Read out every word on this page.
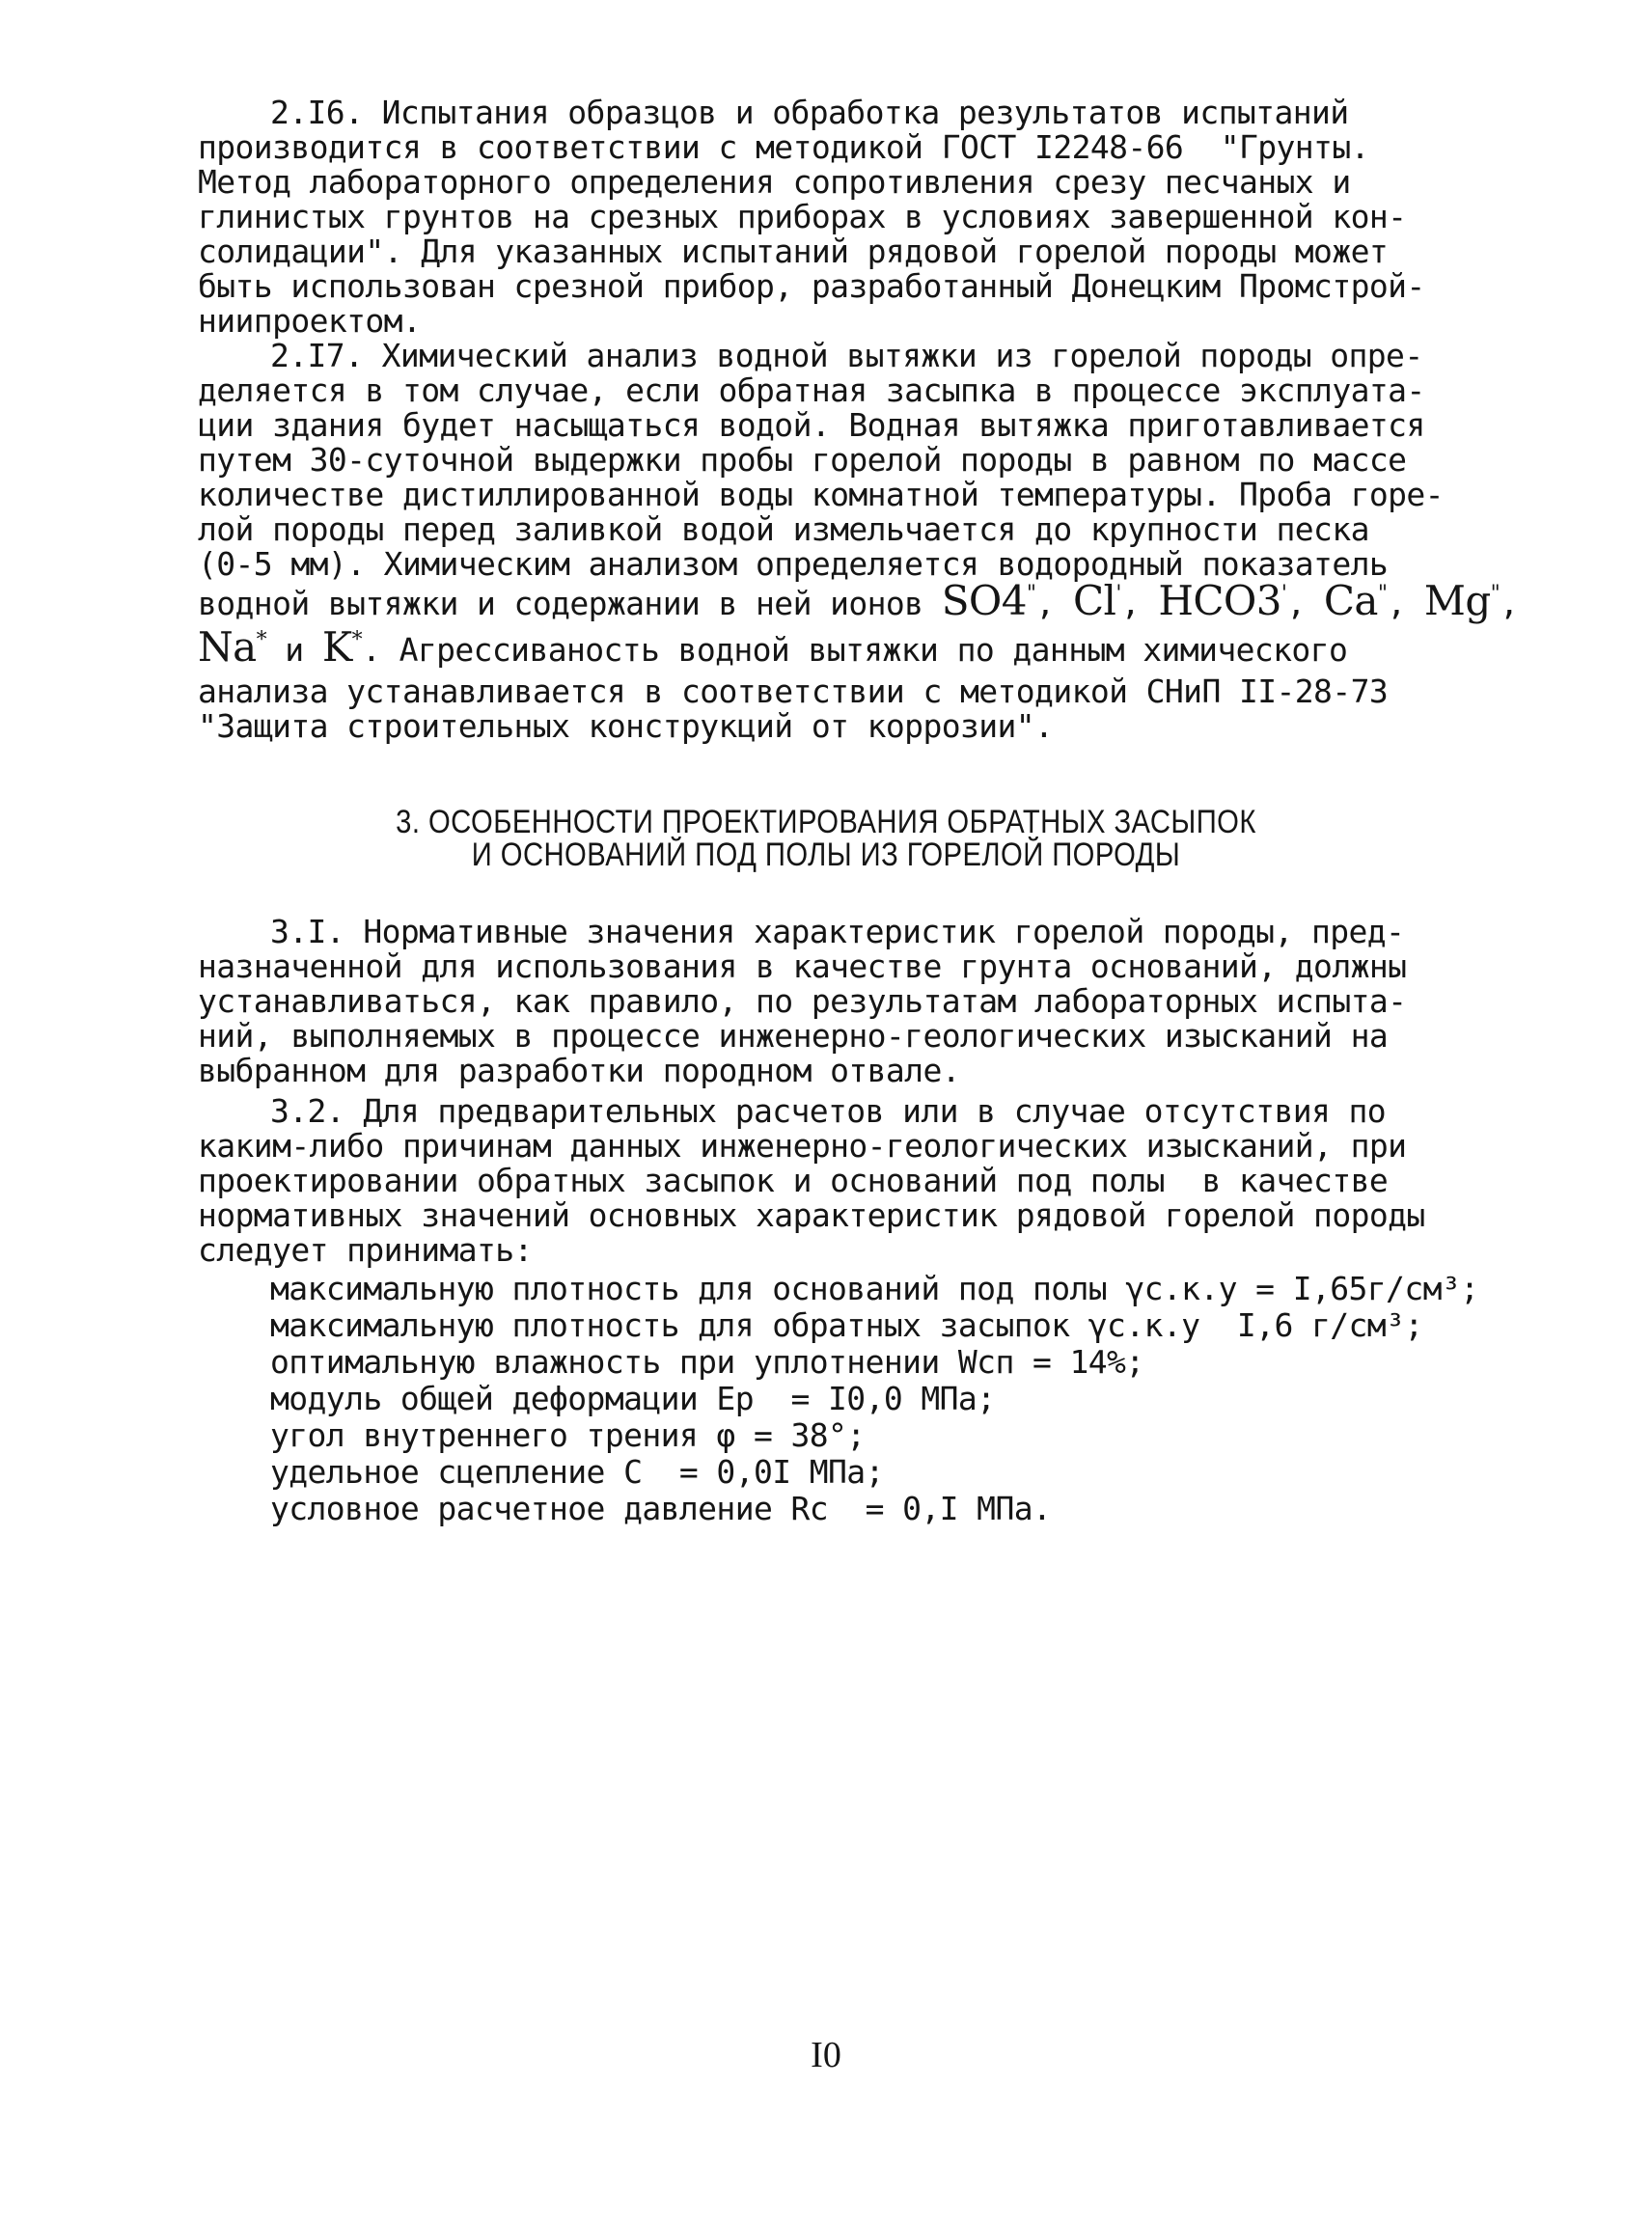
2.I6. Испытания образцов и обработка результатов испытаний
производится в соответствии с методикой ГОСТ I2248-66  "Грунты.
Метод лабораторного определения сопротивления срезу песчаных и
глинистых грунтов на срезных приборах в условиях завершенной кон-
солидации". Для указанных испытаний рядовой горелой породы может
быть использован срезной прибор, разработанный Донецким Промстрой-
ниипроектом.
2.I7. Химический анализ водной вытяжки из горелой породы опре-
деляется в том случае, если обратная засыпка в процессе эксплуата-
ции здания будет насыщаться водой. Водная вытяжка приготавливается
путем 30-суточной выдержки пробы горелой породы в равном по массе
количестве дистиллированной воды комнатной температуры. Проба горе-
лой породы перед заливкой водой измельчается до крупности песка
(0-5 мм). Химическим анализом определяется водородный показатель
водной вытяжки и содержании в ней ионов SO4", Cl', HCO3', Ca", Mg",
Na* и K*. Агрессиваность водной вытяжки по данным химического
анализа устанавливается в соответствии с методикой СНиП II-28-73
"Защита строительных конструкций от коррозии".
3. ОСОБЕННОСТИ ПРОЕКТИРОВАНИЯ ОБРАТНЫХ ЗАСЫПОК
И ОСНОВАНИЙ ПОД ПОЛЫ ИЗ ГОРЕЛОЙ ПОРОДЫ
3.I. Нормативные значения характеристик горелой породы, пред-
назначенной для использования в качестве грунта оснований, должны
устанавливаться, как правило, по результатам лабораторных испыта-
ний, выполняемых в процессе инженерно-геологических изысканий на
выбранном для разработки породном отвале.
3.2. Для предварительных расчетов или в случае отсутствия по
каким-либо причинам данных инженерно-геологических изысканий, при
проектировании обратных засыпок и оснований под полы  в качестве
нормативных значений основных характеристик рядовой горелой породы
следует принимать:
максимальную плотность для оснований под полы γс.к.у = I,65г/см³;
максимальную плотность для обратных засыпок γс.к.у  I,6 г/см³;
оптимальную влажность при уплотнении Wсп = 14%;
модуль общей деформации Eр  = I0,0 МПа;
угол внутреннего трения φ = 38°;
удельное сцепление C  = 0,0I МПа;
условное расчетное давление Rс  = 0,I МПа.
I0
